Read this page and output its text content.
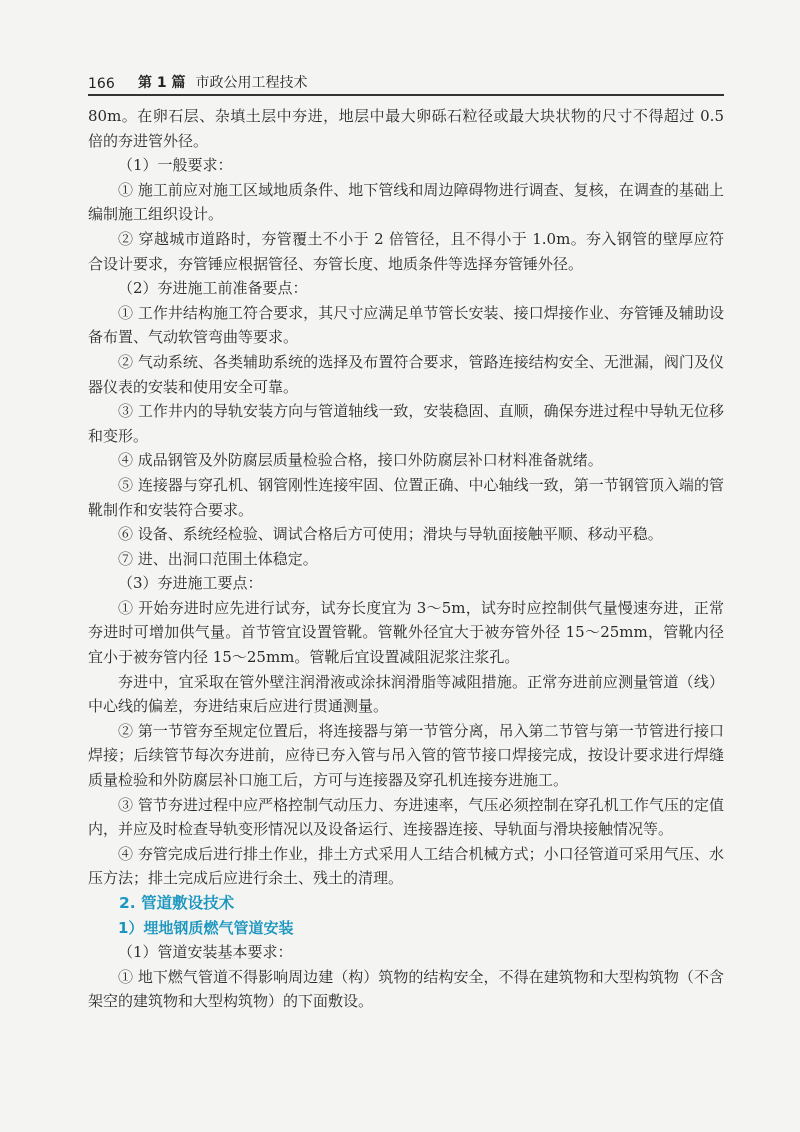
166	第 1 篇 市政公用工程技术

80m。在卵石层、杂填土层中夯进，地层中最大卵砾石粒径或最大块状物的尺寸不得超过 0.5 倍的夯进管外径。

（1）一般要求：

① 施工前应对施工区域地质条件、地下管线和周边障碍物进行调查、复核，在调查的基础上编制施工组织设计。

② 穿越城市道路时，夯管覆土不小于 2 倍管径，且不得小于 1.0m。夯入钢管的壁厚应符合设计要求，夯管锤应根据管径、夯管长度、地质条件等选择夯管锤外径。

（2）夯进施工前准备要点：

① 工作井结构施工符合要求，其尺寸应满足单节管长安装、接口焊接作业、夯管锤及辅助设备布置、气动软管弯曲等要求。

② 气动系统、各类辅助系统的选择及布置符合要求，管路连接结构安全、无泄漏，阀门及仪器仪表的安装和使用安全可靠。

③ 工作井内的导轨安装方向与管道轴线一致，安装稳固、直顺，确保夯进过程中导轨无位移和变形。

④ 成品钢管及外防腐层质量检验合格，接口外防腐层补口材料准备就绪。

⑤ 连接器与穿孔机、钢管刚性连接牢固、位置正确、中心轴线一致，第一节钢管顶入端的管靴制作和安装符合要求。

⑥ 设备、系统经检验、调试合格后方可使用；滑块与导轨面接触平顺、移动平稳。

⑦ 进、出洞口范围土体稳定。

（3）夯进施工要点：

① 开始夯进时应先进行试夯，试夯长度宜为 3～5m，试夯时应控制供气量慢速夯进，正常夯进时可增加供气量。首节管宜设置管靴。管靴外径宜大于被夯管外径 15～25mm，管靴内径宜小于被夯管内径 15～25mm。管靴后宜设置减阻泥浆注浆孔。

夯进中，宜采取在管外壁注润滑液或涂抹润滑脂等减阻措施。正常夯进前应测量管道（线）中心线的偏差，夯进结束后应进行贯通测量。

② 第一节管夯至规定位置后，将连接器与第一节管分离，吊入第二节管与第一节管进行接口焊接；后续管节每次夯进前，应待已夯入管与吊入管的管节接口焊接完成，按设计要求进行焊缝质量检验和外防腐层补口施工后，方可与连接器及穿孔机连接夯进施工。

③ 管节夯进过程中应严格控制气动压力、夯进速率，气压必须控制在穿孔机工作气压的定值内，并应及时检查导轨变形情况以及设备运行、连接器连接、导轨面与滑块接触情况等。

④ 夯管完成后进行排土作业，排土方式采用人工结合机械方式；小口径管道可采用气压、水压方法；排土完成后应进行余土、残土的清理。

2. 管道敷设技术

1）埋地钢质燃气管道安装

（1）管道安装基本要求：

① 地下燃气管道不得影响周边建（构）筑物的结构安全，不得在建筑物和大型构筑物（不含架空的建筑物和大型构筑物）的下面敷设。
